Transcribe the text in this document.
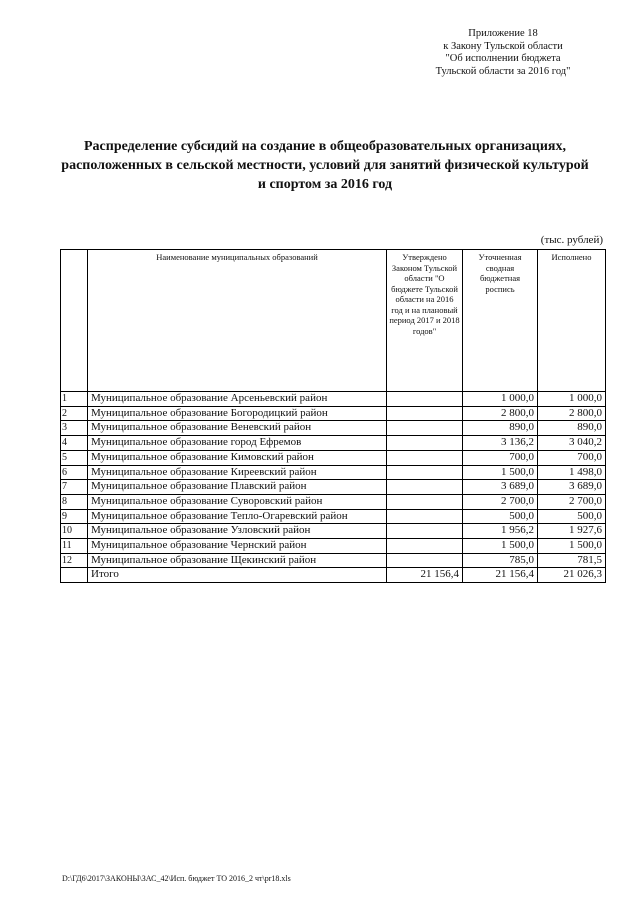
Приложение 18
к Закону Тульской области
"Об исполнении бюджета
Тульской области за 2016 год"
Распределение субсидий на создание в общеобразовательных организациях,
расположенных в сельской местности, условий для занятий физической культурой
и спортом за 2016 год
(тыс. рублей)
	Наименование муниципальных образований	Утверждено Законом Тульской области "О бюджете Тульской области на 2016 год и на плановый период 2017 и 2018 годов"	Уточненная сводная бюджетная роспись	Исполнено
1	Муниципальное образование Арсеньевский район		1 000,0	1 000,0
2	Муниципальное образование Богородицкий район		2 800,0	2 800,0
3	Муниципальное образование Веневский район		890,0	890,0
4	Муниципальное образование город Ефремов		3 136,2	3 040,2
5	Муниципальное образование Кимовский район		700,0	700,0
6	Муниципальное образование Киреевский район		1 500,0	1 498,0
7	Муниципальное образование Плавский район		3 689,0	3 689,0
8	Муниципальное образование Суворовский район		2 700,0	2 700,0
9	Муниципальное образование Тепло-Огаревский район		500,0	500,0
10	Муниципальное образование Узловский район		1 956,2	1 927,6
11	Муниципальное образование Чернский район		1 500,0	1 500,0
12	Муниципальное образование Щекинский район		785,0	781,5
	Итого	21 156,4	21 156,4	21 026,3
D:\ГД6\2017\ЗАКОНЫ\ЗАС_42\Исп. бюджет ТО 2016_2 чт\pr18.xls
